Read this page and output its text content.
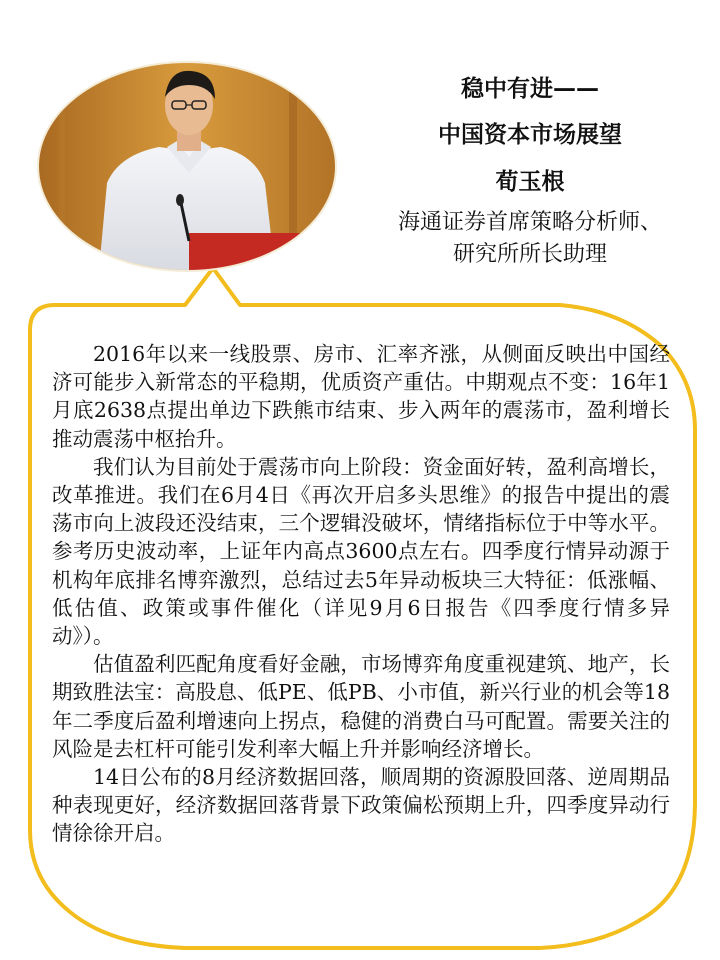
稳中有进——
中国资本市场展望
荀玉根
海通证券首席策略分析师、
研究所所长助理

2016年以来一线股票、房市、汇率齐涨，从侧面反映出中国经济可能步入新常态的平稳期，优质资产重估。中期观点不变：16年1月底2638点提出单边下跌熊市结束、步入两年的震荡市，盈利增长推动震荡中枢抬升。

我们认为目前处于震荡市向上阶段：资金面好转，盈利高增长，改革推进。我们在6月4日《再次开启多头思维》的报告中提出的震荡市向上波段还没结束，三个逻辑没破坏，情绪指标位于中等水平。参考历史波动率，上证年内高点3600点左右。四季度行情异动源于机构年底排名博弈激烈，总结过去5年异动板块三大特征：低涨幅、低估值、政策或事件催化（详见9月6日报告《四季度行情多异动》）。

估值盈利匹配角度看好金融，市场博弈角度重视建筑、地产，长期致胜法宝：高股息、低PE、低PB、小市值，新兴行业的机会等18年二季度后盈利增速向上拐点，稳健的消费白马可配置。需要关注的风险是去杠杆可能引发利率大幅上升并影响经济增长。

14日公布的8月经济数据回落，顺周期的资源股回落、逆周期品种表现更好，经济数据回落背景下政策偏松预期上升，四季度异动行情徐徐开启。
